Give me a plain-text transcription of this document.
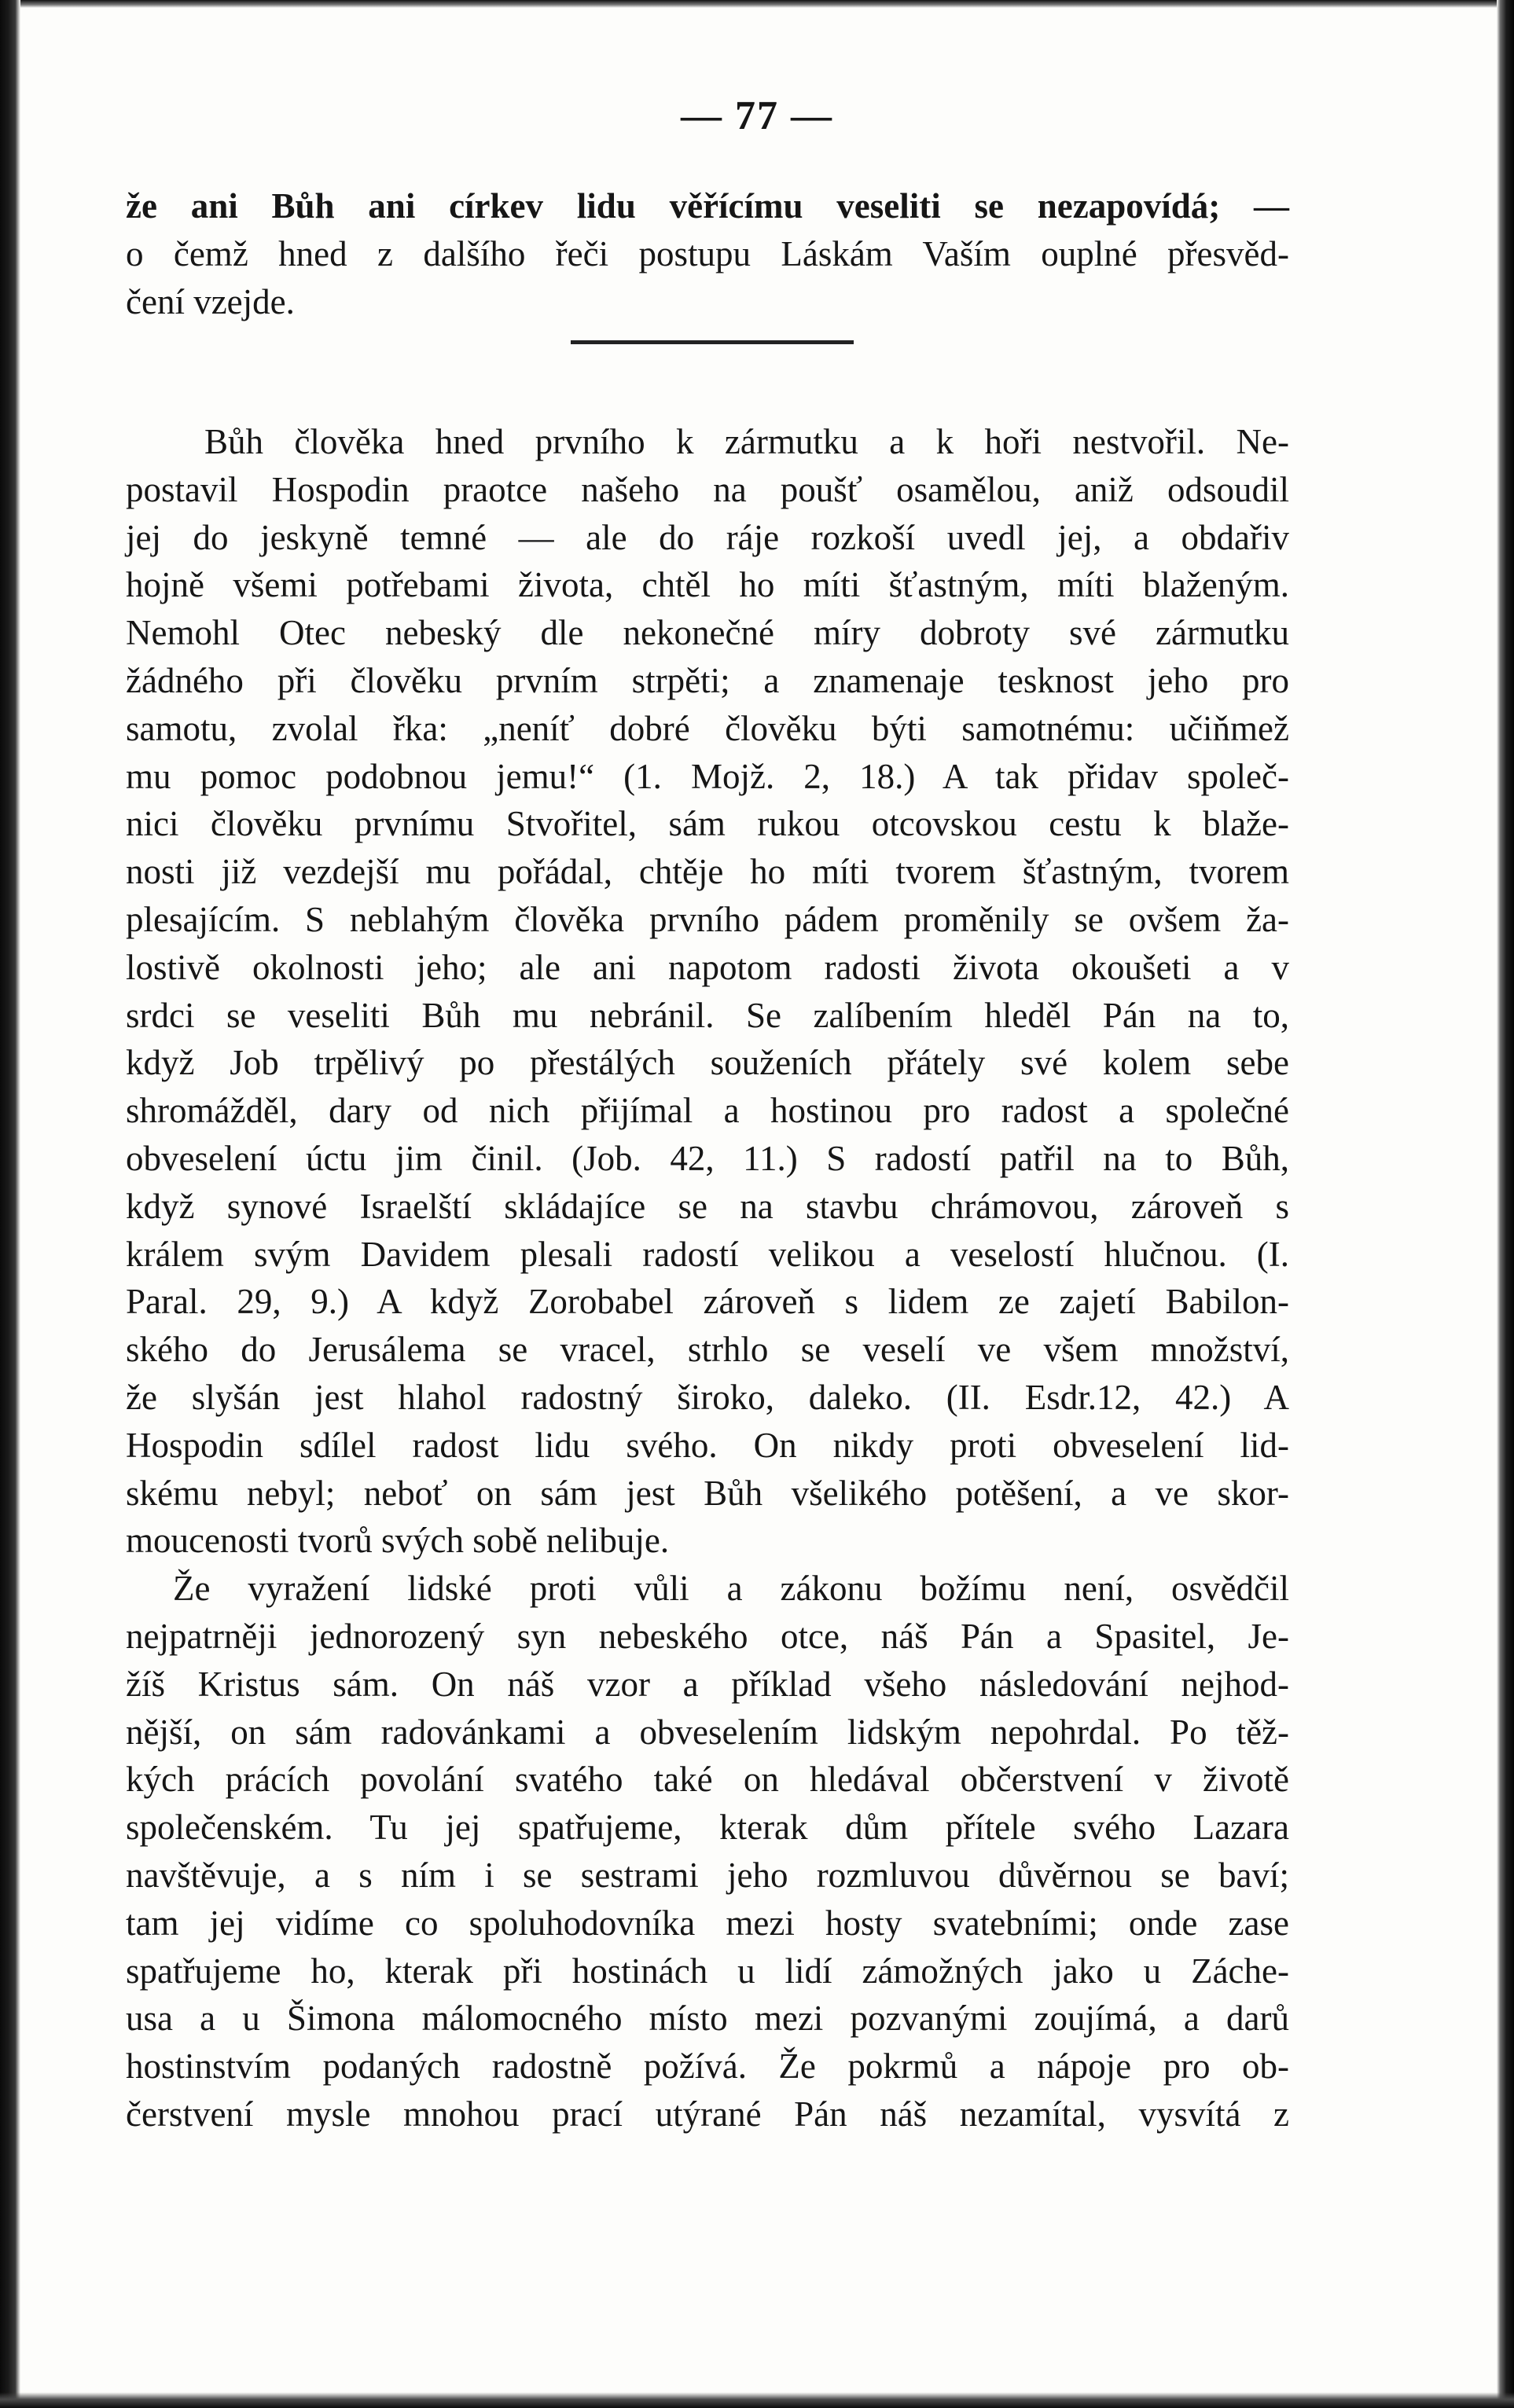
— 77 —
že ani Bůh ani církev lidu věřícímu veseliti se nezapovídá; —
o čemž hned z dalšího řeči postupu Láskám Vaším ouplné přesvěd-
čení vzejde.
Bůh člověka hned prvního k zármutku a k hoři nestvořil. Ne-
postavil Hospodin praotce našeho na poušť osamělou, aniž odsoudil
jej do jeskyně temné — ale do ráje rozkoší uvedl jej, a obdařiv
hojně všemi potřebami života, chtěl ho míti šťastným, míti blaženým.
Nemohl Otec nebeský dle nekonečné míry dobroty své zármutku
žádného při člověku prvním strpěti; a znamenaje tesknost jeho pro
samotu, zvolal řka: „neníť dobré člověku býti samotnému: učiňmež
mu pomoc podobnou jemu!“ (1. Mojž. 2, 18.) A tak přidav společ-
nici člověku prvnímu Stvořitel, sám rukou otcovskou cestu k blaže-
nosti již vezdejší mu pořádal, chtěje ho míti tvorem šťastným, tvorem
plesajícím. S neblahým člověka prvního pádem proměnily se ovšem ža-
lostivě okolnosti jeho; ale ani napotom radosti života okoušeti a v
srdci se veseliti Bůh mu nebránil. Se zalíbením hleděl Pán na to,
když Job trpělivý po přestálých souženích přátely své kolem sebe
shromážděl, dary od nich přijímal a hostinou pro radost a společné
obveselení úctu jim činil. (Job. 42, 11.) S radostí patřil na to Bůh,
když synové Israelští skládajíce se na stavbu chrámovou, zároveň s
králem svým Davidem plesali radostí velikou a veselostí hlučnou. (I.
Paral. 29, 9.) A když Zorobabel zároveň s lidem ze zajetí Babilon-
ského do Jerusálema se vracel, strhlo se veselí ve všem množství,
že slyšán jest hlahol radostný široko, daleko. (II. Esdr.12, 42.) A
Hospodin sdílel radost lidu svého. On nikdy proti obveselení lid-
skému nebyl; neboť on sám jest Bůh všelikého potěšení, a ve skor-
moucenosti tvorů svých sobě nelibuje.
Že vyražení lidské proti vůli a zákonu božímu není, osvědčil
nejpatrněji jednorozený syn nebeského otce, náš Pán a Spasitel, Je-
žíš Kristus sám. On náš vzor a příklad všeho následování nejhod-
nější, on sám radovánkami a obveselením lidským nepohrdal. Po těž-
kých prácích povolání svatého také on hledával občerstvení v životě
společenském. Tu jej spatřujeme, kterak dům přítele svého Lazara
navštěvuje, a s ním i se sestrami jeho rozmluvou důvěrnou se baví;
tam jej vidíme co spoluhodovníka mezi hosty svatebními; onde zase
spatřujeme ho, kterak při hostinách u lidí zámožných jako u Záche-
usa a u Šimona málomocného místo mezi pozvanými zoujímá, a darů
hostinstvím podaných radostně požívá. Že pokrmů a nápoje pro ob-
čerstvení mysle mnohou prací utýrané Pán náš nezamítal, vysvítá z
